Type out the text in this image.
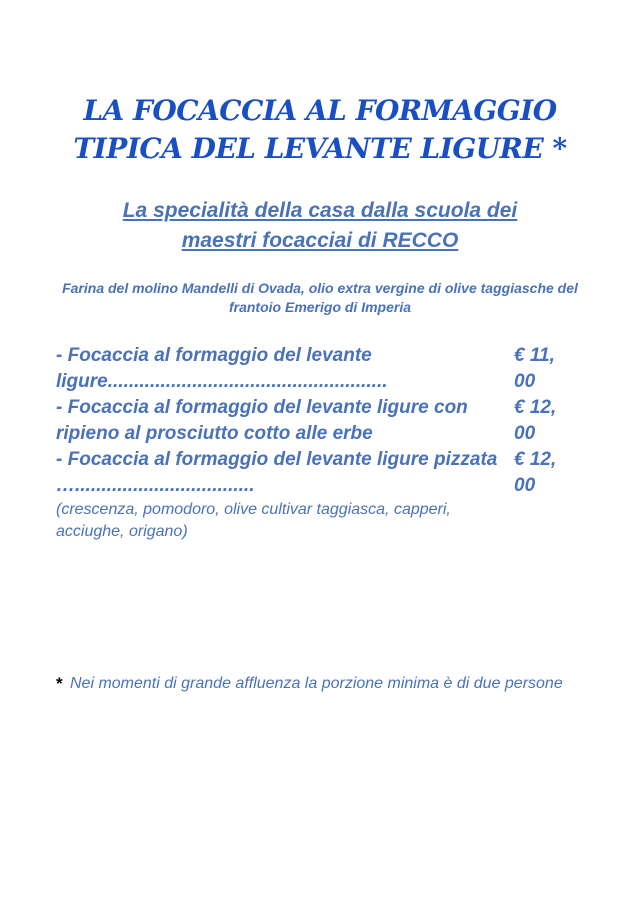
LA FOCACCIA AL FORMAGGIO
TIPICA DEL LEVANTE LIGURE *
La specialità della casa dalla scuola dei
maestri focacciai di RECCO
Farina del molino Mandelli di Ovada, olio extra vergine di olive taggiasche del frantoio Emerigo di Imperia
- Focaccia al formaggio del levante ligure.....................................................
€ 11,00
- Focaccia al formaggio del levante ligure con ripieno al prosciutto cotto alle erbe
€ 12,00
- Focaccia al formaggio del levante ligure pizzata …..................................
(crescenza, pomodoro, olive cultivar taggiasca, capperi, acciughe, origano)
€ 12,00
* Nei momenti di grande affluenza la porzione minima è di due persone
